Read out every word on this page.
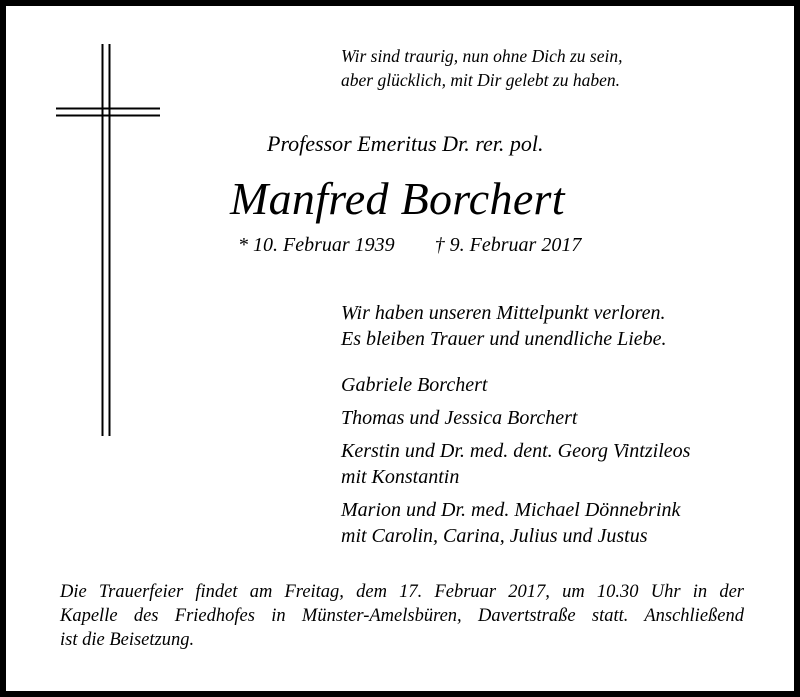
Wir sind traurig, nun ohne Dich zu sein,
aber glücklich, mit Dir gelebt zu haben.
Professor Emeritus Dr. rer. pol.
Manfred Borchert
* 10. Februar 1939 † 9. Februar 2017
Wir haben unseren Mittelpunkt verloren.
Es bleiben Trauer und unendliche Liebe.
Gabriele Borchert
Thomas und Jessica Borchert
Kerstin und Dr. med. dent. Georg Vintzileos
mit Konstantin
Marion und Dr. med. Michael Dönnebrink
mit Carolin, Carina, Julius und Justus
Die Trauerfeier findet am Freitag, dem 17. Februar 2017, um 10.30 Uhr in der
Kapelle des Friedhofes in Münster-Amelsbüren, Davertstraße statt. Anschließend
ist die Beisetzung.
